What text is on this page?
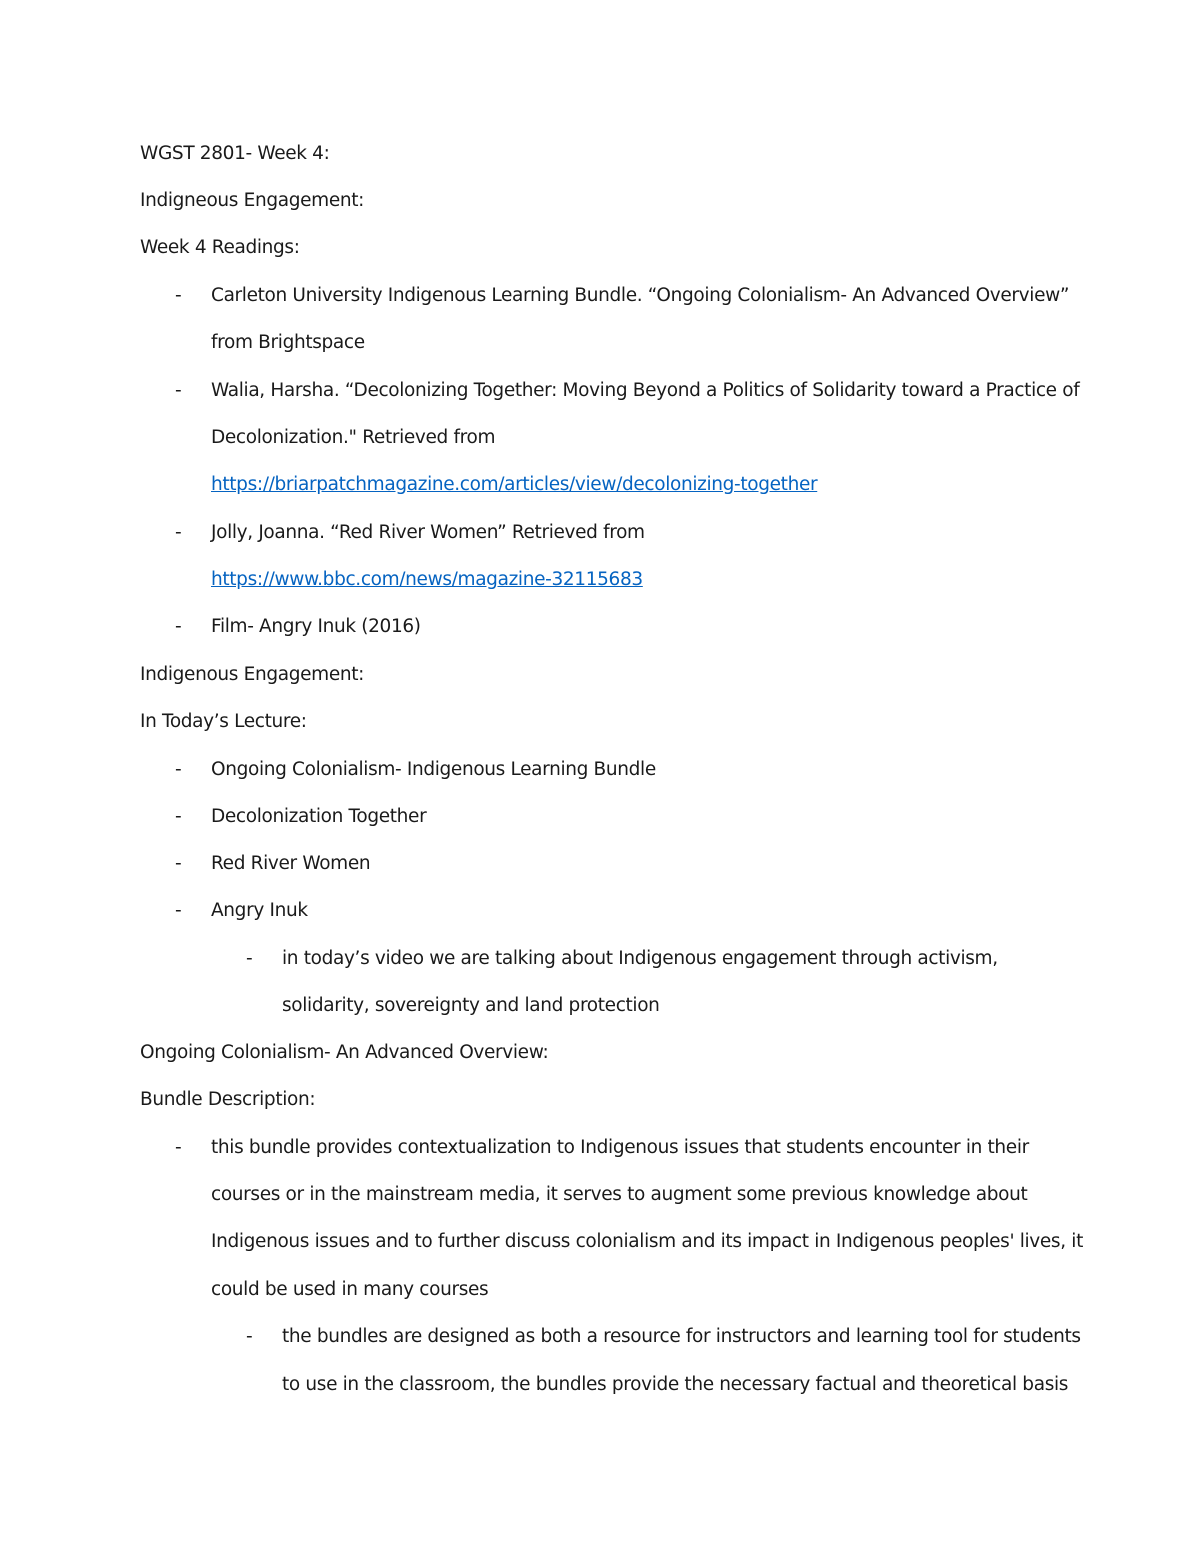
WGST 2801- Week 4:
Indigneous Engagement:
Week 4 Readings:
- Carleton University Indigenous Learning Bundle. “Ongoing Colonialism- An Advanced Overview”
from Brightspace
- Walia, Harsha. “Decolonizing Together: Moving Beyond a Politics of Solidarity toward a Practice of
Decolonization." Retrieved from
https://briarpatchmagazine.com/articles/view/decolonizing-together
- Jolly, Joanna. “Red River Women” Retrieved from
https://www.bbc.com/news/magazine-32115683
- Film- Angry Inuk (2016)
Indigenous Engagement:
In Today’s Lecture:
- Ongoing Colonialism- Indigenous Learning Bundle
- Decolonization Together
- Red River Women
- Angry Inuk
- in today’s video we are talking about Indigenous engagement through activism,
solidarity, sovereignty and land protection
Ongoing Colonialism- An Advanced Overview:
Bundle Description:
- this bundle provides contextualization to Indigenous issues that students encounter in their
courses or in the mainstream media, it serves to augment some previous knowledge about
Indigenous issues and to further discuss colonialism and its impact in Indigenous peoples' lives, it
could be used in many courses
- the bundles are designed as both a resource for instructors and learning tool for students
to use in the classroom, the bundles provide the necessary factual and theoretical basis
